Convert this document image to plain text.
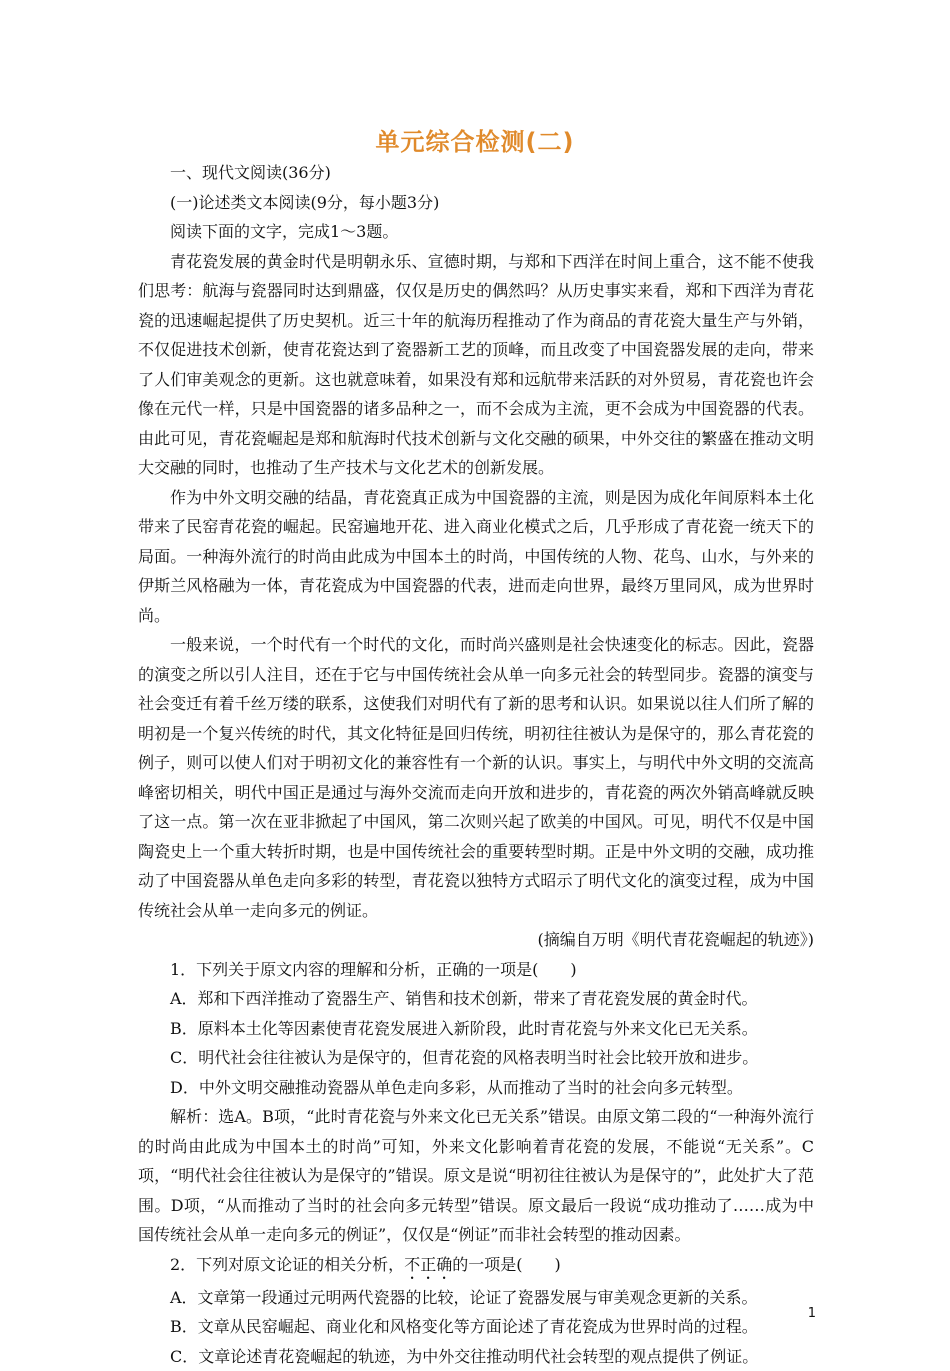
单元综合检测(二)

一、现代文阅读(36分)

(一)论述类文本阅读(9分，每小题3分)

阅读下面的文字，完成1～3题。

青花瓷发展的黄金时代是明朝永乐、宣德时期，与郑和下西洋在时间上重合，这不能不使我们思考：航海与瓷器同时达到鼎盛，仅仅是历史的偶然吗？从历史事实来看，郑和下西洋为青花瓷的迅速崛起提供了历史契机。近三十年的航海历程推动了作为商品的青花瓷大量生产与外销，不仅促进技术创新，使青花瓷达到了瓷器新工艺的顶峰，而且改变了中国瓷器发展的走向，带来了人们审美观念的更新。这也就意味着，如果没有郑和远航带来活跃的对外贸易，青花瓷也许会像在元代一样，只是中国瓷器的诸多品种之一，而不会成为主流，更不会成为中国瓷器的代表。由此可见，青花瓷崛起是郑和航海时代技术创新与文化交融的硕果，中外交往的繁盛在推动文明大交融的同时，也推动了生产技术与文化艺术的创新发展。

作为中外文明交融的结晶，青花瓷真正成为中国瓷器的主流，则是因为成化年间原料本土化带来了民窑青花瓷的崛起。民窑遍地开花、进入商业化模式之后，几乎形成了青花瓷一统天下的局面。一种海外流行的时尚由此成为中国本土的时尚，中国传统的人物、花鸟、山水，与外来的伊斯兰风格融为一体，青花瓷成为中国瓷器的代表，进而走向世界，最终万里同风，成为世界时尚。

一般来说，一个时代有一个时代的文化，而时尚兴盛则是社会快速变化的标志。因此，瓷器的演变之所以引人注目，还在于它与中国传统社会从单一向多元社会的转型同步。瓷器的演变与社会变迁有着千丝万缕的联系，这使我们对明代有了新的思考和认识。如果说以往人们所了解的明初是一个复兴传统的时代，其文化特征是回归传统，明初往往被认为是保守的，那么青花瓷的例子，则可以使人们对于明初文化的兼容性有一个新的认识。事实上，与明代中外文明的交流高峰密切相关，明代中国正是通过与海外交流而走向开放和进步的，青花瓷的两次外销高峰就反映了这一点。第一次在亚非掀起了中国风，第二次则兴起了欧美的中国风。可见，明代不仅是中国陶瓷史上一个重大转折时期，也是中国传统社会的重要转型时期。正是中外文明的交融，成功推动了中国瓷器从单色走向多彩的转型，青花瓷以独特方式昭示了明代文化的演变过程，成为中国传统社会从单一走向多元的例证。

(摘编自万明《明代青花瓷崛起的轨迹》)

1．下列关于原文内容的理解和分析，正确的一项是(　　)

A．郑和下西洋推动了瓷器生产、销售和技术创新，带来了青花瓷发展的黄金时代。

B．原料本土化等因素使青花瓷发展进入新阶段，此时青花瓷与外来文化已无关系。

C．明代社会往往被认为是保守的，但青花瓷的风格表明当时社会比较开放和进步。

D．中外文明交融推动瓷器从单色走向多彩，从而推动了当时的社会向多元转型。

解析：选A。B项，“此时青花瓷与外来文化已无关系”错误。由原文第二段的“一种海外流行的时尚由此成为中国本土的时尚”可知，外来文化影响着青花瓷的发展，不能说“无关系”。C项，“明代社会往往被认为是保守的”错误。原文是说“明初往往被认为是保守的”，此处扩大了范围。D项，“从而推动了当时的社会向多元转型”错误。原文最后一段说“成功推动了……成为中国传统社会从单一走向多元的例证”，仅仅是“例证”而非社会转型的推动因素。

2．下列对原文论证的相关分析，不正确的一项是(　　)

A．文章第一段通过元明两代瓷器的比较，论证了瓷器发展与审美观念更新的关系。

B．文章从民窑崛起、商业化和风格变化等方面论述了青花瓷成为世界时尚的过程。

C．文章论述青花瓷崛起的轨迹，为中外交往推动明代社会转型的观点提供了例证。

1
